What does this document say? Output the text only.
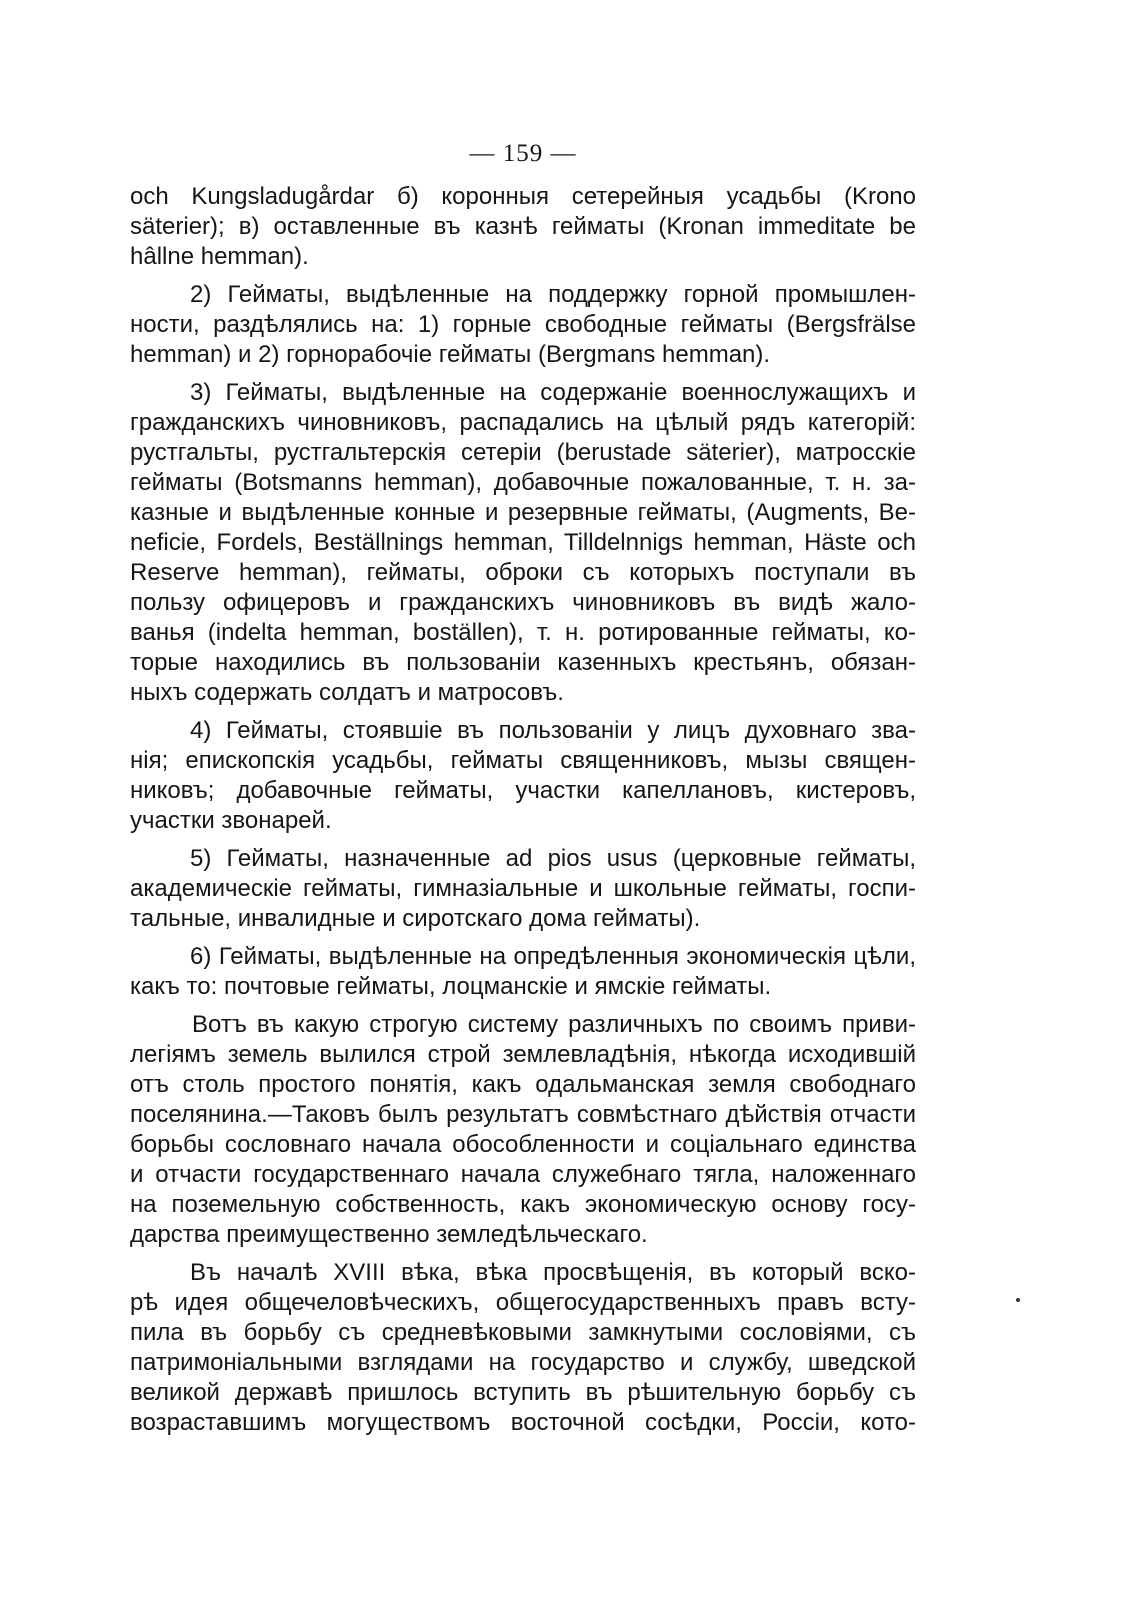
— 159 —
och Kungsladugårdar б) коронныя сетерейныя усадьбы (Krono
säterier); в) оставленные въ казнѣ гейматы (Kronan immeditate be
hâllne hemman).
2) Гейматы, выдѣленные на поддержку горной промышлен-
ности, раздѣлялись на: 1) горные свободные гейматы (Bergsfrälse
hemman) и 2) горнорабочіе гейматы (Bergmans hemman).
3) Гейматы, выдѣленные на содержаніе военнослужащихъ и
гражданскихъ чиновниковъ, распадались на цѣлый рядъ категорій:
рустгальты, рустгальтерскія сетеріи (berustade säterier), матросскіе
гейматы (Botsmanns hemman), добавочные пожалованные, т. н. за-
казные и выдѣленные конные и резервные гейматы, (Augments, Be-
neficie, Fordels, Beställnings hemman, Tilldelnnigs hemman, Häste och
Reserve hemman), гейматы, оброки съ которыхъ поступали въ
пользу офицеровъ и гражданскихъ чиновниковъ въ видѣ жало-
ванья (indelta hemman, boställen), т. н. ротированные гейматы, ко-
торые находились въ пользованіи казенныхъ крестьянъ, обязан-
ныхъ содержать солдатъ и матросовъ.
4) Гейматы, стоявшіе въ пользованіи у лицъ духовнаго зва-
нія; епископскія усадьбы, гейматы священниковъ, мызы священ-
никовъ; добавочные гейматы, участки капеллановъ, кистеровъ,
участки звонарей.
5) Гейматы, назначенные ad pios usus (церковные гейматы,
академическіе гейматы, гимназіальные и школьные гейматы, госпи-
тальные, инвалидные и сиротскаго дома гейматы).
6) Гейматы, выдѣленные на опредѣленныя экономическія цѣли,
какъ то: почтовые гейматы, лоцманскіе и ямскіе гейматы.
Вотъ въ какую строгую систему различныхъ по своимъ приви-
легіямъ земель вылился строй землевладѣнія, нѣкогда исходившій
отъ столь простого понятія, какъ одальманская земля свободнаго
поселянина.—Таковъ былъ результатъ совмѣстнаго дѣйствія отчасти
борьбы сословнаго начала обособленности и соціальнаго единства
и отчасти государственнаго начала служебнаго тягла, наложеннаго
на поземельную собственность, какъ экономическую основу госу-
дарства преимущественно земледѣльческаго.
Въ началѣ XVIII вѣка, вѣка просвѣщенія, въ который вско-
рѣ идея общечеловѣческихъ, общегосударственныхъ правъ всту-
пила въ борьбу съ средневѣковыми замкнутыми сословіями, съ
патримоніальными взглядами на государство и службу, шведской
великой державѣ пришлось вступить въ рѣшительную борьбу съ
возраставшимъ могуществомъ восточной сосѣдки, Россіи, кото-
